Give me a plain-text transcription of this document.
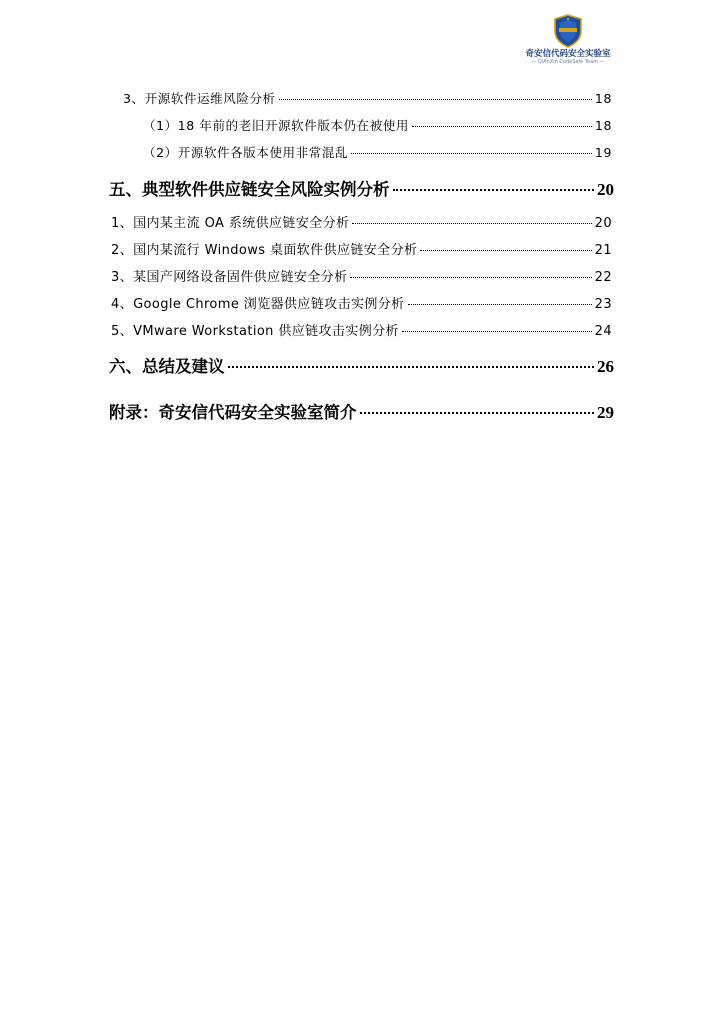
奇安信代码安全实验室
— QiAnXin CodeSafe Team —
3、开源软件运维风险分析	18
（1）18 年前的老旧开源软件版本仍在被使用	18
（2）开源软件各版本使用非常混乱	19
五、典型软件供应链安全风险实例分析	20
1、国内某主流 OA 系统供应链安全分析	20
2、国内某流行 Windows 桌面软件供应链安全分析	21
3、某国产网络设备固件供应链安全分析	22
4、Google Chrome 浏览器供应链攻击实例分析	23
5、VMware Workstation 供应链攻击实例分析	24
六、总结及建议	26
附录：奇安信代码安全实验室简介	29
